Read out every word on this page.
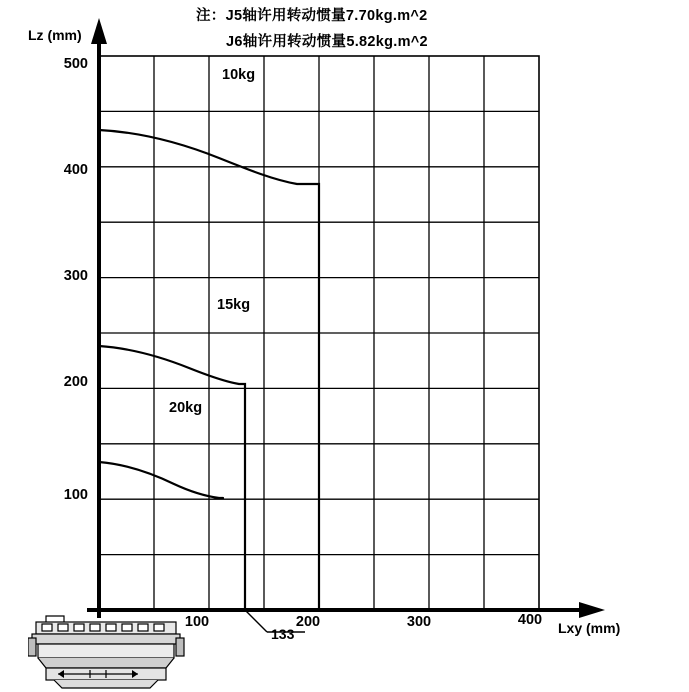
注：J5轴许用转动惯量7.70kg.m^2
J6轴许用转动惯量5.82kg.m^2
Lz (mm)
Lxy (mm)
500
400
300
200
100
100	200	300	400
133
10kg
15kg
20kg
